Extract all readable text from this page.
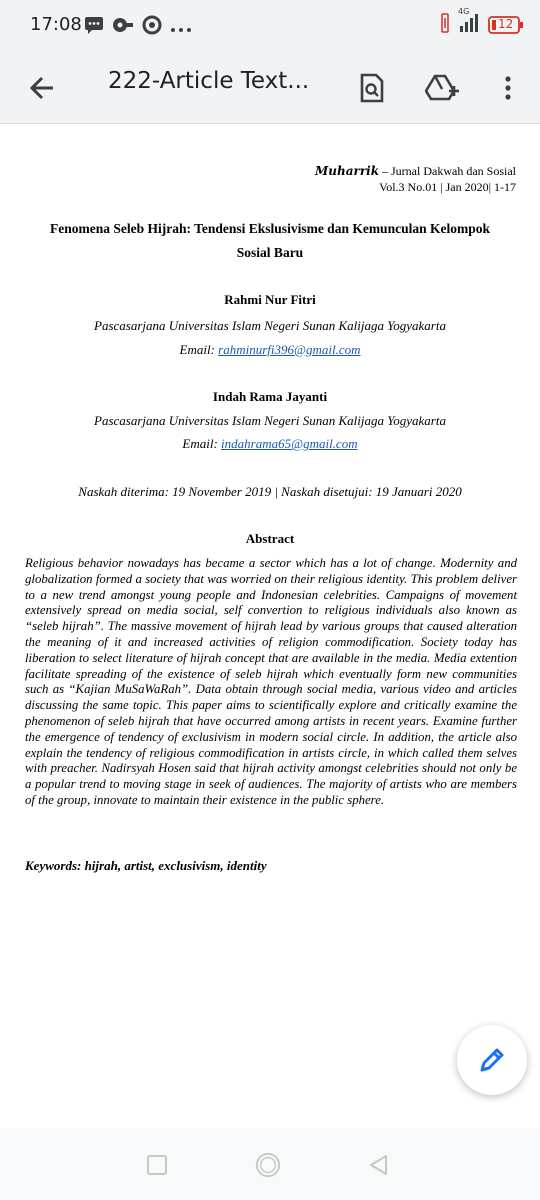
17:08
4G
12
222-Article Text...
Muharrik – Jurnal Dakwah dan Sosial
Vol.3 No.01 | Jan 2020| 1-17
Fenomena Seleb Hijrah: Tendensi Ekslusivisme dan Kemunculan Kelompok
Sosial Baru
Rahmi Nur Fitri
Pascasarjana Universitas Islam Negeri Sunan Kalijaga Yogyakarta
Email: rahminurfi396@gmail.com
Indah Rama Jayanti
Pascasarjana Universitas Islam Negeri Sunan Kalijaga Yogyakarta
Email: indahrama65@gmail.com
Naskah diterima: 19 November 2019 | Naskah disetujui: 19 Januari 2020
Abstract
Religious behavior nowadays has became a sector which has a lot of change. Modernity and globalization formed a society that was worried on their religious identity. This problem deliver to a new trend amongst young people and Indonesian celebrities. Campaigns of movement extensively spread on media social, self convertion to religious individuals also known as “seleb hijrah”. The massive movement of hijrah lead by various groups that caused alteration the meaning of it and increased activities of religion commodification. Society today has liberation to select literature of hijrah concept that are available in the media. Media extention facilitate spreading of the existence of seleb hijrah which eventually form new communities such as “Kajian MuSaWaRah”. Data obtain through social media, various video and articles discussing the same topic. This paper aims to scientifically explore and critically examine the phenomenon of seleb hijrah that have occurred among artists in recent years. Examine further the emergence of tendency of exclusivism in modern social circle. In addition, the article also explain the tendency of religious commodification in artists circle, in which called them selves with preacher. Nadirsyah Hosen said that hijrah activity amongst celebrities should not only be a popular trend to moving stage in seek of audiences. The majority of artists who are members of the group, innovate to maintain their existence in the public sphere.
Keywords: hijrah, artist, exclusivism, identity
